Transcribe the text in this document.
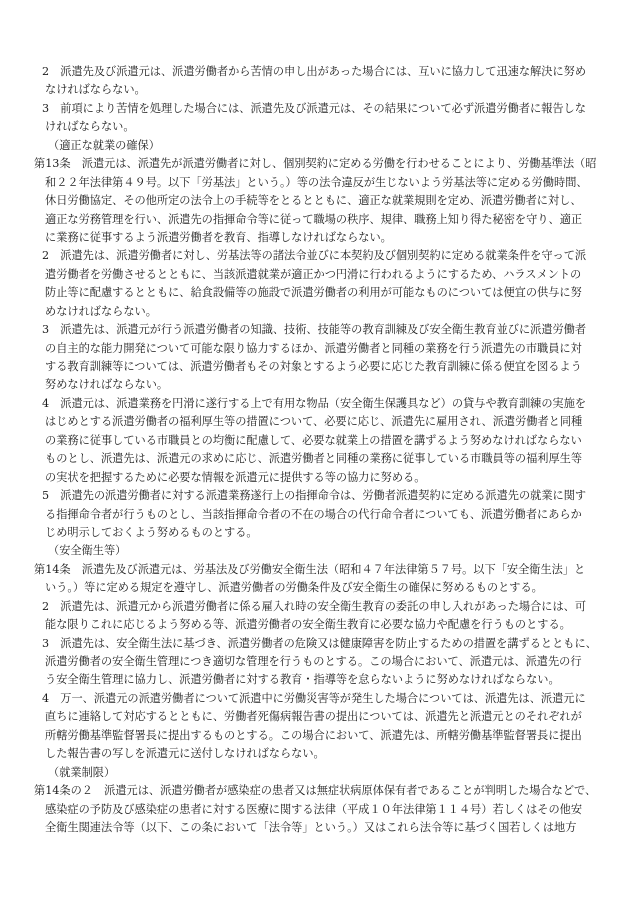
2　派遣先及び派遣元は、派遣労働者から苦情の申し出があった場合には、互いに協力して迅速な解決に努め
なければならない。
3　前項により苦情を処理した場合には、派遣先及び派遣元は、その結果について必ず派遣労働者に報告しな
ければならない。
（適正な就業の確保）
第13条　派遣元は、派遣先が派遣労働者に対し、個別契約に定める労働を行わせることにより、労働基準法（昭
和２２年法律第４９号。以下「労基法」という。）等の法令違反が生じないよう労基法等に定める労働時間、
休日労働協定、その他所定の法令上の手続等をとるとともに、適正な就業規則を定め、派遣労働者に対し、
適正な労務管理を行い、派遣先の指揮命令等に従って職場の秩序、規律、職務上知り得た秘密を守り、適正
に業務に従事するよう派遣労働者を教育、指導しなければならない。
2　派遣先は、派遣労働者に対し、労基法等の諸法令並びに本契約及び個別契約に定める就業条件を守って派
遣労働者を労働させるとともに、当該派遣就業が適正かつ円滑に行われるようにするため、ハラスメントの
防止等に配慮するとともに、給食設備等の施設で派遣労働者の利用が可能なものについては便宜の供与に努
めなければならない。
3　派遣先は、派遣元が行う派遣労働者の知識、技術、技能等の教育訓練及び安全衛生教育並びに派遣労働者
の自主的な能力開発について可能な限り協力するほか、派遣労働者と同種の業務を行う派遣先の市職員に対
する教育訓練等については、派遣労働者もその対象とするよう必要に応じた教育訓練に係る便宜を図るよう
努めなければならない。
4　派遣元は、派遣業務を円滑に遂行する上で有用な物品（安全衛生保護具など）の貸与や教育訓練の実施を
はじめとする派遣労働者の福利厚生等の措置について、必要に応じ、派遣先に雇用され、派遣労働者と同種
の業務に従事している市職員との均衡に配慮して、必要な就業上の措置を講ずるよう努めなければならない
ものとし、派遣先は、派遣元の求めに応じ、派遣労働者と同種の業務に従事している市職員等の福利厚生等
の実状を把握するために必要な情報を派遣元に提供する等の協力に努める。
5　派遣先の派遣労働者に対する派遣業務遂行上の指揮命令は、労働者派遣契約に定める派遣先の就業に関す
る指揮命令者が行うものとし、当該指揮命令者の不在の場合の代行命令者についても、派遣労働者にあらか
じめ明示しておくよう努めるものとする。
（安全衛生等）
第14条　派遣先及び派遣元は、労基法及び労働安全衛生法（昭和４７年法律第５７号。以下「安全衛生法」と
いう。）等に定める規定を遵守し、派遣労働者の労働条件及び安全衛生の確保に努めるものとする。
2　派遣先は、派遣元から派遣労働者に係る雇入れ時の安全衛生教育の委託の申し入れがあった場合には、可
能な限りこれに応じるよう努める等、派遣労働者の安全衛生教育に必要な協力や配慮を行うものとする。
3　派遣先は、安全衛生法に基づき、派遣労働者の危険又は健康障害を防止するための措置を講ずるとともに、
派遣労働者の安全衛生管理につき適切な管理を行うものとする。この場合において、派遣元は、派遣先の行
う安全衛生管理に協力し、派遣労働者に対する教育・指導等を怠らないように努めなければならない。
4　万一、派遣元の派遣労働者について派遣中に労働災害等が発生した場合については、派遣先は、派遣元に
直ちに連絡して対応するとともに、労働者死傷病報告書の提出については、派遣先と派遣元とのそれぞれが
所轄労働基準監督署長に提出するものとする。この場合において、派遣先は、所轄労働基準監督署長に提出
した報告書の写しを派遣元に送付しなければならない。
（就業制限）
第14条の２　派遣元は、派遣労働者が感染症の患者又は無症状病原体保有者であることが判明した場合などで、
感染症の予防及び感染症の患者に対する医療に関する法律（平成１０年法律第１１４号）若しくはその他安
全衛生関連法令等（以下、この条において「法令等」という。）又はこれら法令等に基づく国若しくは地方
